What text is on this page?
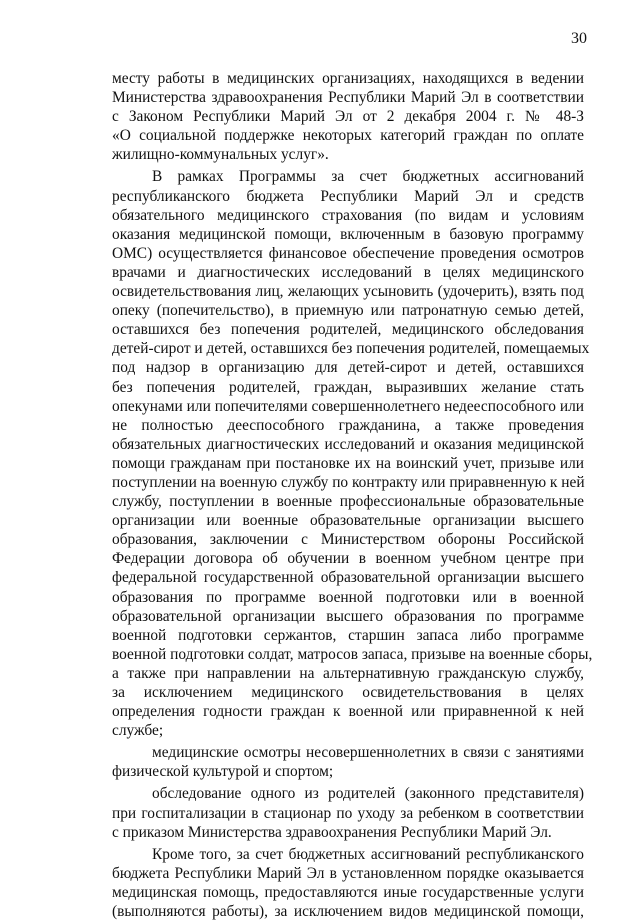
30
месту работы в медицинских организациях, находящихся в ведении
Министерства здравоохранения Республики Марий Эл в соответствии
с Законом Республики Марий Эл от 2 декабря 2004 г. № 48-З
«О социальной поддержке некоторых категорий граждан по оплате
жилищно-коммунальных услуг».
В рамках Программы за счет бюджетных ассигнований
республиканского бюджета Республики Марий Эл и средств
обязательного медицинского страхования (по видам и условиям
оказания медицинской помощи, включенным в базовую программу
ОМС) осуществляется финансовое обеспечение проведения осмотров
врачами и диагностических исследований в целях медицинского
освидетельствования лиц, желающих усыновить (удочерить), взять под
опеку (попечительство), в приемную или патронатную семью детей,
оставшихся без попечения родителей, медицинского обследования
детей-сирот и детей, оставшихся без попечения родителей, помещаемых
под надзор в организацию для детей-сирот и детей, оставшихся
без попечения родителей, граждан, выразивших желание стать
опекунами или попечителями совершеннолетнего недееспособного или
не полностью дееспособного гражданина, а также проведения
обязательных диагностических исследований и оказания медицинской
помощи гражданам при постановке их на воинский учет, призыве или
поступлении на военную службу по контракту или приравненную к ней
службу, поступлении в военные профессиональные образовательные
организации или военные образовательные организации высшего
образования, заключении с Министерством обороны Российской
Федерации договора об обучении в военном учебном центре при
федеральной государственной образовательной организации высшего
образования по программе военной подготовки или в военной
образовательной организации высшего образования по программе
военной подготовки сержантов, старшин запаса либо программе
военной подготовки солдат, матросов запаса, призыве на военные сборы,
а также при направлении на альтернативную гражданскую службу,
за исключением медицинского освидетельствования в целях
определения годности граждан к военной или приравненной к ней
службе;
медицинские осмотры несовершеннолетних в связи с занятиями
физической культурой и спортом;
обследование одного из родителей (законного представителя)
при госпитализации в стационар по уходу за ребенком в соответствии
с приказом Министерства здравоохранения Республики Марий Эл.
Кроме того, за счет бюджетных ассигнований республиканского
бюджета Республики Марий Эл в установленном порядке оказывается
медицинская помощь, предоставляются иные государственные услуги
(выполняются работы), за исключением видов медицинской помощи,
